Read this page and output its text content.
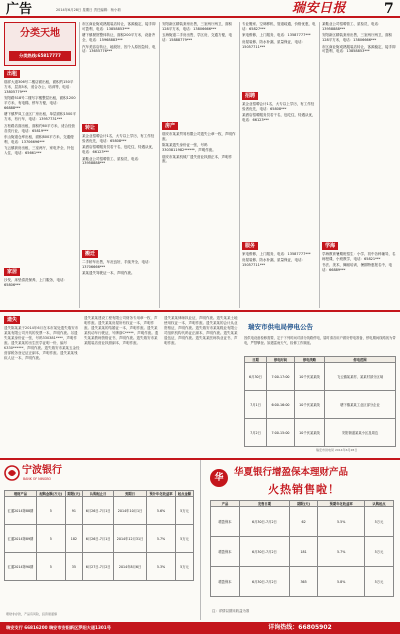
广告	2014年6月28日 星期日 责任编辑：杨小莉	瑞安日报	7
分类天地
分类热线:65817777
出租

瑞祥大道306号二楼店面出租，面积约150平方米，层高5米，适合办公、培训等，电话：13805779***

安阳路518号二楼写字楼整层出租，面积1200平方米，有电梯，停车方便，电话：66888***

塘下镇罗凤工业区厂房出租，单层面积1500平方米，有行车，电话：13957731***

万松路店面出租，面积约60平方米，适合经营各类行业，电话：65819***

东山街道仓库出租，面积800平方米，交通便利，电话：13706696***

飞云镇套房出租，三室两厅，家电齐全，拎包入住，电话：65661***

家居

沙发、床垫清洗保养，上门服务，电话：65806***

市区商业街成熟服装店转让，客源稳定，接手即可盈利，电话：13858853***

塘下镇餐馆整体转让，面积200平方米，设备齐全，电话：15968883***

汽车美容店转让，地段好，因个人原因急转，电话：13655776***

转让

某企业招聘会计1名，大专以上学历，有工作经验者优先，电话：65808***

某酒店招聘服务员若干名，包吃住，待遇从优，电话：66123***

某鞋业公司招聘普工、质检员，电话：13958888***

搬迁

二手轿车出售，车况良好，手续齐全，电话：13706666***

某某遗失驾驶证一本，声明作废。

安阳新区精装套房出售，三室两厅两卫，面积128平方米，电话：13806666***

玉海街道二手房出售，学区房，交通方便，电话：15888779***

房产

瑞安市某某贸易有限公司遗失公章一枚，声明作废。

陈某某遗失身份证一张，号码3303811982******，声明作废。

瑞安市某某机械厂遗失营业执照正本，声明作废。

专业搬家、空调移机、管道疏通，价格优惠，电话：65827***

家电维修，上门服务，电话：13587777***

房屋装修、防水补漏，质量保证，电话：15057711***

招聘

某企业招聘会计1名，大专以上学历，有工作经验者优先，电话：65808***

某酒店招聘服务员若干名，包吃住，待遇从优，电话：66123***

服务

家电维修，上门服务，电话：13587777***

房屋装修、防水补漏，质量保证，电话：15057711***

某鞋业公司招聘普工、质检员，电话：13958888***

安阳新区精装套房出售，三室两厅两卫，面积128平方米，电话：13806666***

市区商业街成熟服装店转让，客源稳定，接手即可盈利，电话：13858853***

学海

学海教育暑期班招生：小学、初中各科辅导，名师授课，小班教学，电话：65821***

书法、美术、舞蹈培训，暑期特惠报名中，电话：66889***

遗失
遗失陈某某于2014年6月在本市某处遗失瑞安市某某有限公司开具的发票一本，声明作废。另遗失某某身份证一张，号码330381****，声明作废。遗失某某的出生医学证明一份，编号K330******，声明作废。遗失瑞安市某某五金经营部税务登记证正副本，声明作废。遗失某某残疾人证一本，声明作废。
遗失某某建设工程有限公司财务专用章一枚，声明作废。遗失某某房屋所有权证一本，声明作废。遗失某某的结婚证一本，声明作废。遗失某某机动车行驶证，号牌浙C*****，声明作废。遗失某某教师资格证书，声明作废。遗失瑞安市某某服装店营业执照副本，声明作废。
遗失某某律师执业证，声明作废。遗失某某土地使用权证一本，声明作废。遗失某某的会计从业资格证，声明作废。遗失瑞安市某某鞋业有限公司组织机构代码证正副本，声明作废。遗失某某退伍证，声明作废。遗失某某医师执业证书，声明作废。
瑞安市供电局停电公告
因供电设备检修需要，定于下列时间对部分线路停电，届时请各用户做好停电准备，停电期间线路视为带电，严禁攀登。如遇雷雨天气，检修工作顺延。
日期	停电时间	停电线路	停电范围
6月30日	7:00-17:00	10千伏某某线	飞云镇某某村、某某村部分区域
7月1日	6:00-16:00	10千伏某某线	塘下镇某某工业区部分企业
7月2日	7:00-15:00	10千伏某某线	安阳街道某某小区及周边
瑞安市供电局 2014年6月28日
宁波银行
BANK OF NINGBO
理财产品	起购金额(万元)	期限(天)	认购起止日	到期日	预计年化收益率	起点金额
汇通2014第88期	5	91	6月26日-7月1日	2014年10月1日	5.6%	5万元
汇通2014第89期	5	182	6月26日-7月1日	2014年12月31日	5.7%	5万元
汇通2014第90期	5	35	6月27日-7月2日	2014年8月6日	5.3%	5万元
理财非存款，产品有风险，投资须谨慎
瑞安支行 66816200 瑞安市安阳新区罗阳大道1301号
华	华夏银行增盈保本理财产品
火热销售啦！
产品	发售日期	期限(天)	预期年化收益率	认购起点
增盈保本	6月30日-7月2日	62	5.5%	5万元
增盈保本	6月30日-7月2日	181	5.7%	5万元
增盈保本	6月30日-7月2日	365	5.8%	5万元
注：详情以期末收益为准
详询热线：66805902
